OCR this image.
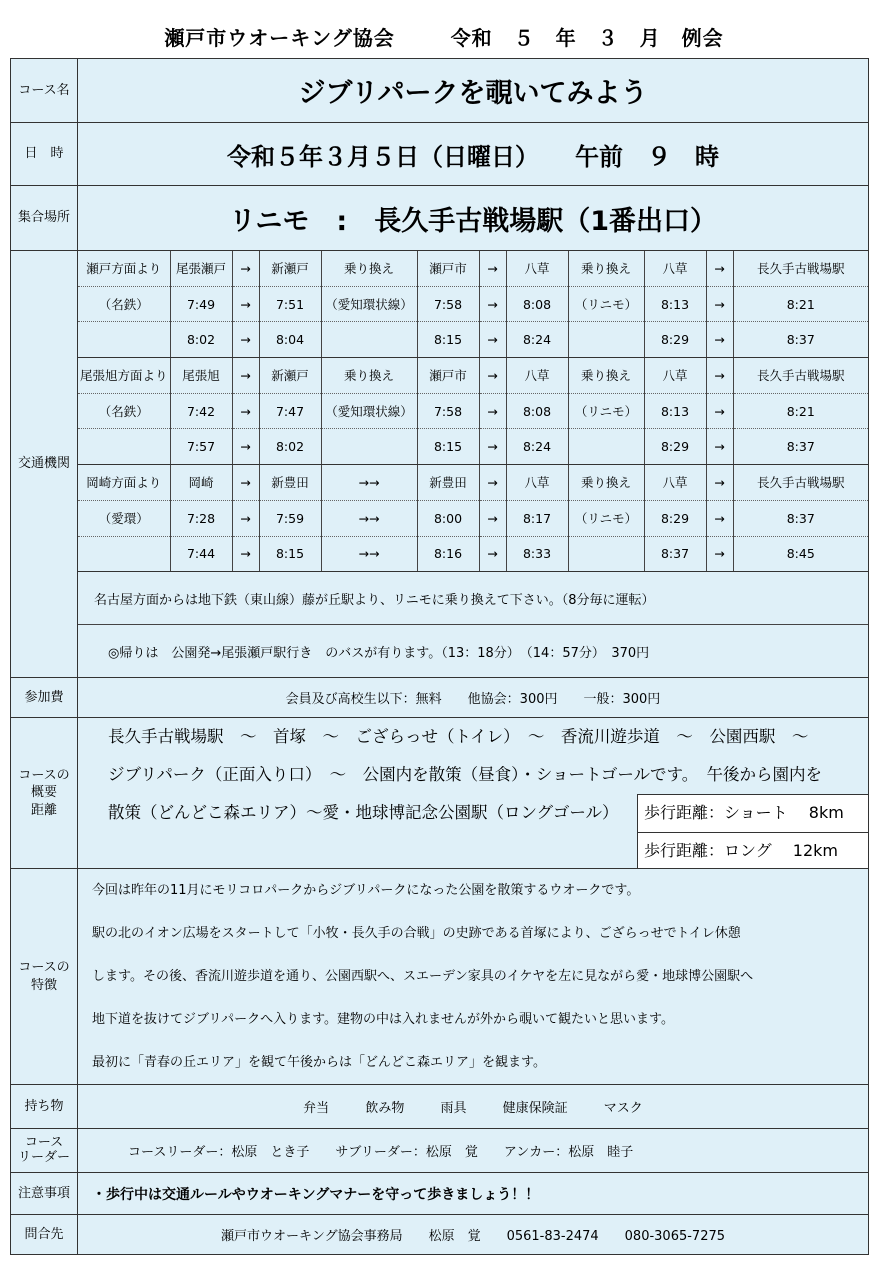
瀬戸市ウオーキング協会	令和　５　年　３　月　例会
コース名	ジブリパークを覗いてみよう
日　時	令和５年３月５日（日曜日）　　午前　９　時
集合場所	リニモ　:　長久手古戦場駅（1番出口）
交通機関	
瀬戸方面より	尾張瀬戸	→	新瀬戸	乗り換え	瀬戸市	→	八草	乗り換え	八草	→	長久手古戦場駅
（名鉄）	7:49	→	7:51	（愛知環状線）	7:58	→	8:08	（リニモ）	8:13	→	8:21
	8:02	→	8:04		8:15	→	8:24		8:29	→	8:37
尾張旭方面より	尾張旭	→	新瀬戸	乗り換え	瀬戸市	→	八草	乗り換え	八草	→	長久手古戦場駅
（名鉄）	7:42	→	7:47	（愛知環状線）	7:58	→	8:08	（リニモ）	8:13	→	8:21
	7:57	→	8:02		8:15	→	8:24		8:29	→	8:37
岡崎方面より	岡崎	→	新豊田	→→	新豊田	→	八草	乗り換え	八草	→	長久手古戦場駅
（愛環）	7:28	→	7:59	→→	8:00	→	8:17	（リニモ）	8:29	→	8:37
	7:44	→	8:15	→→	8:16	→	8:33		8:37	→	8:45
名古屋方面からは地下鉄（東山線）藤が丘駅より、リニモに乗り換えて下さい。（8分毎に運転）
◎帰りは　公園発→尾張瀬戸駅行き　のバスが有ります。（13：18分）　（14：57分）　370円

参加費	会員及び高校生以下：無料　　他協会：300円　　一般：300円
コースの
概要
距離	
長久手古戦場駅　～　首塚　～　ござらっせ（トイレ）　～　香流川遊歩道　～　公園西駅　～
ジブリパーク（正面入り口）　～　公園内を散策（昼食）・ショートゴールです。　午後から園内を
散策（どんどこ森エリア）～愛・地球博記念公園駅（ロングゴール）	歩行距離：ショート　 8km
歩行距離：ロング　 12km

コースの
特徴	
今回は昨年の11月にモリコロパークからジブリパークになった公園を散策するウオークです。
駅の北のイオン広場をスタートして「小牧・長久手の合戦」の史跡である首塚により、ござらっせでトイレ休憩
します。その後、香流川遊歩道を通り、公園西駅へ、スエーデン家具のイケヤを左に見ながら愛・地球博公園駅へ
地下道を抜けてジブリパークへ入ります。建物の中は入れませんが外から覗いて観たいと思います。
最初に「青春の丘エリア」を観て午後からは「どんどこ森エリア」を観ます。

持ち物	弁当	飲み物	雨具	健康保険証	マスク
コース
リーダー	コースリーダー：松原　とき子　　サブリーダー：松原　覚　　アンカー：松原　睦子
注意事項	・歩行中は交通ルールやウオーキングマナーを守って歩きましょう！！
問合先	瀬戸市ウオーキング協会事務局　　松原　覚　　0561-83-2474　　080-3065-7275
